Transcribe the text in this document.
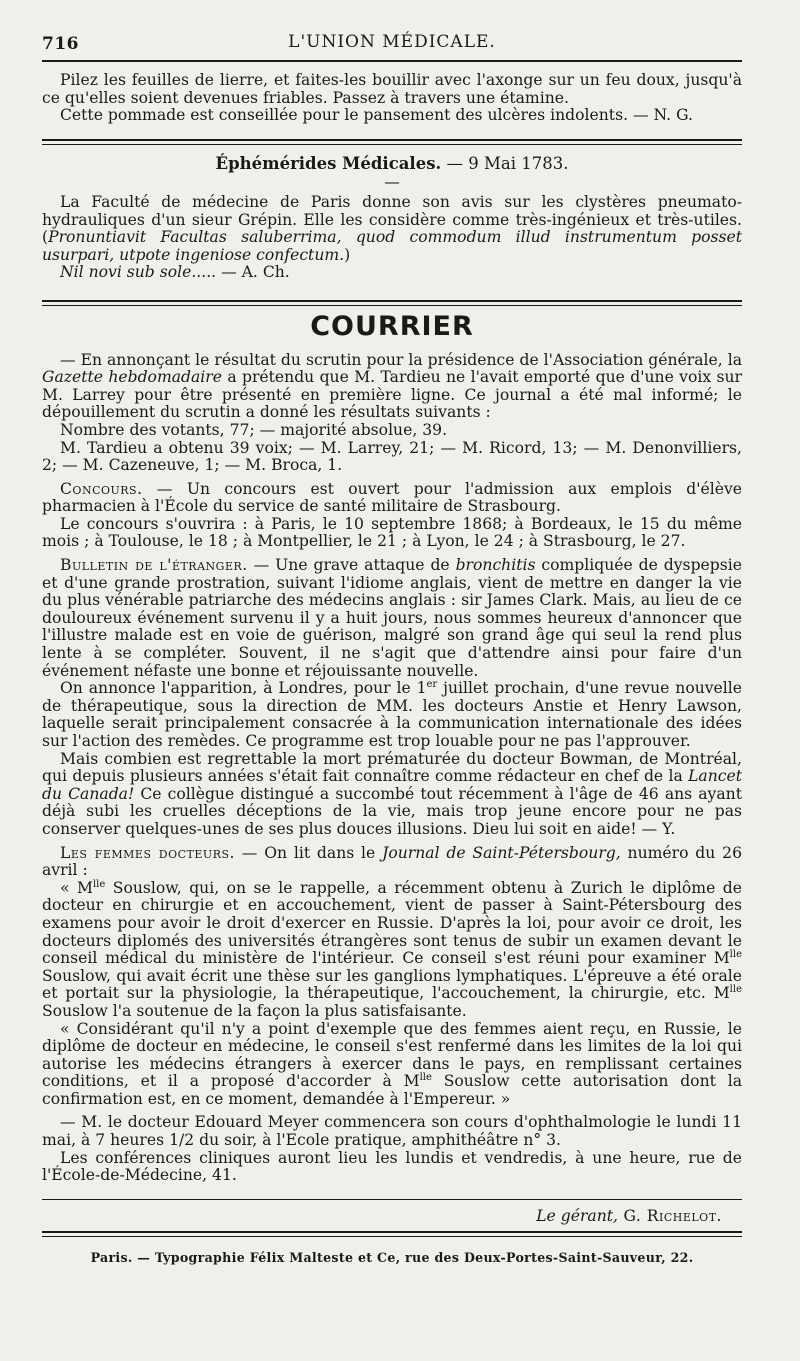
716	L'UNION MÉDICALE.

Pilez les feuilles de lierre, et faites-les bouillir avec l'axonge sur un feu doux, jusqu'à ce qu'elles soient devenues friables. Passez à travers une étamine.

Cette pommade est conseillée pour le pansement des ulcères indolents. — N. G.

Éphémérides Médicales. — 9 Mai 1783.
—

La Faculté de médecine de Paris donne son avis sur les clystères pneumato-hydrauliques d'un sieur Grépin. Elle les considère comme très-ingénieux et très-utiles. (Pronuntiavit Facultas saluberrima, quod commodum illud instrumentum posset usurpari, utpote ingeniose confectum.)

Nil novi sub sole..... — A. Ch.

COURRIER

— En annonçant le résultat du scrutin pour la présidence de l'Association générale, la Gazette hebdomadaire a prétendu que M. Tardieu ne l'avait emporté que d'une voix sur M. Larrey pour être présenté en première ligne. Ce journal a été mal informé; le dépouillement du scrutin a donné les résultats suivants :

Nombre des votants, 77; — majorité absolue, 39.

M. Tardieu a obtenu 39 voix; — M. Larrey, 21; — M. Ricord, 13; — M. Denonvilliers, 2; — M. Cazeneuve, 1; — M. Broca, 1.

Concours. — Un concours est ouvert pour l'admission aux emplois d'élève pharmacien à l'École du service de santé militaire de Strasbourg.

Le concours s'ouvrira : à Paris, le 10 septembre 1868; à Bordeaux, le 15 du même mois ; à Toulouse, le 18 ; à Montpellier, le 21 ; à Lyon, le 24 ; à Strasbourg, le 27.

Bulletin de l'étranger. — Une grave attaque de bronchitis compliquée de dyspepsie et d'une grande prostration, suivant l'idiome anglais, vient de mettre en danger la vie du plus vénérable patriarche des médecins anglais : sir James Clark. Mais, au lieu de ce douloureux événement survenu il y a huit jours, nous sommes heureux d'annoncer que l'illustre malade est en voie de guérison, malgré son grand âge qui seul la rend plus lente à se compléter. Souvent, il ne s'agit que d'attendre ainsi pour faire d'un événement néfaste une bonne et réjouissante nouvelle.

On annonce l'apparition, à Londres, pour le 1er juillet prochain, d'une revue nouvelle de thérapeutique, sous la direction de MM. les docteurs Anstie et Henry Lawson, laquelle serait principalement consacrée à la communication internationale des idées sur l'action des remèdes. Ce programme est trop louable pour ne pas l'approuver.

Mais combien est regrettable la mort prématurée du docteur Bowman, de Montréal, qui depuis plusieurs années s'était fait connaître comme rédacteur en chef de la Lancet du Canada! Ce collègue distingué a succombé tout récemment à l'âge de 46 ans ayant déjà subi les cruelles déceptions de la vie, mais trop jeune encore pour ne pas conserver quelques-unes de ses plus douces illusions. Dieu lui soit en aide! — Y.

Les femmes docteurs. — On lit dans le Journal de Saint-Pétersbourg, numéro du 26 avril :

« $M^{lle}$ Souslow, qui, on se le rappelle, a récemment obtenu à Zurich le diplôme de docteur en chirurgie et en accouchement, vient de passer à Saint-Pétersbourg des examens pour avoir le droit d'exercer en Russie. D'après la loi, pour avoir ce droit, les docteurs diplomés des universités étrangères sont tenus de subir un examen devant le conseil médical du ministère de l'intérieur. Ce conseil s'est réuni pour examiner $M^{lle}$ Souslow, qui avait écrit une thèse sur les ganglions lymphatiques. L'épreuve a été orale et portait sur la physiologie, la thérapeutique, l'accouchement, la chirurgie, etc. $M^{lle}$ Souslow l'a soutenue de la façon la plus satisfaisante.

« Considérant qu'il n'y a point d'exemple que des femmes aient reçu, en Russie, le diplôme de docteur en médecine, le conseil s'est renfermé dans les limites de la loi qui autorise les médecins étrangers à exercer dans le pays, en remplissant certaines conditions, et il a proposé d'accorder à $M^{lle}$ Souslow cette autorisation dont la confirmation est, en ce moment, demandée à l'Empereur. »

— M. le docteur Edouard Meyer commencera son cours d'ophthalmologie le lundi 11 mai, à 7 heures 1/2 du soir, à l'Ecole pratique, amphithéâtre n° 3.

Les conférences cliniques auront lieu les lundis et vendredis, à une heure, rue de l'École-de-Médecine, 41.

Le gérant, G. Richelot.
Paris. — Typographie Félix Malteste et Ce, rue des Deux-Portes-Saint-Sauveur, 22.
